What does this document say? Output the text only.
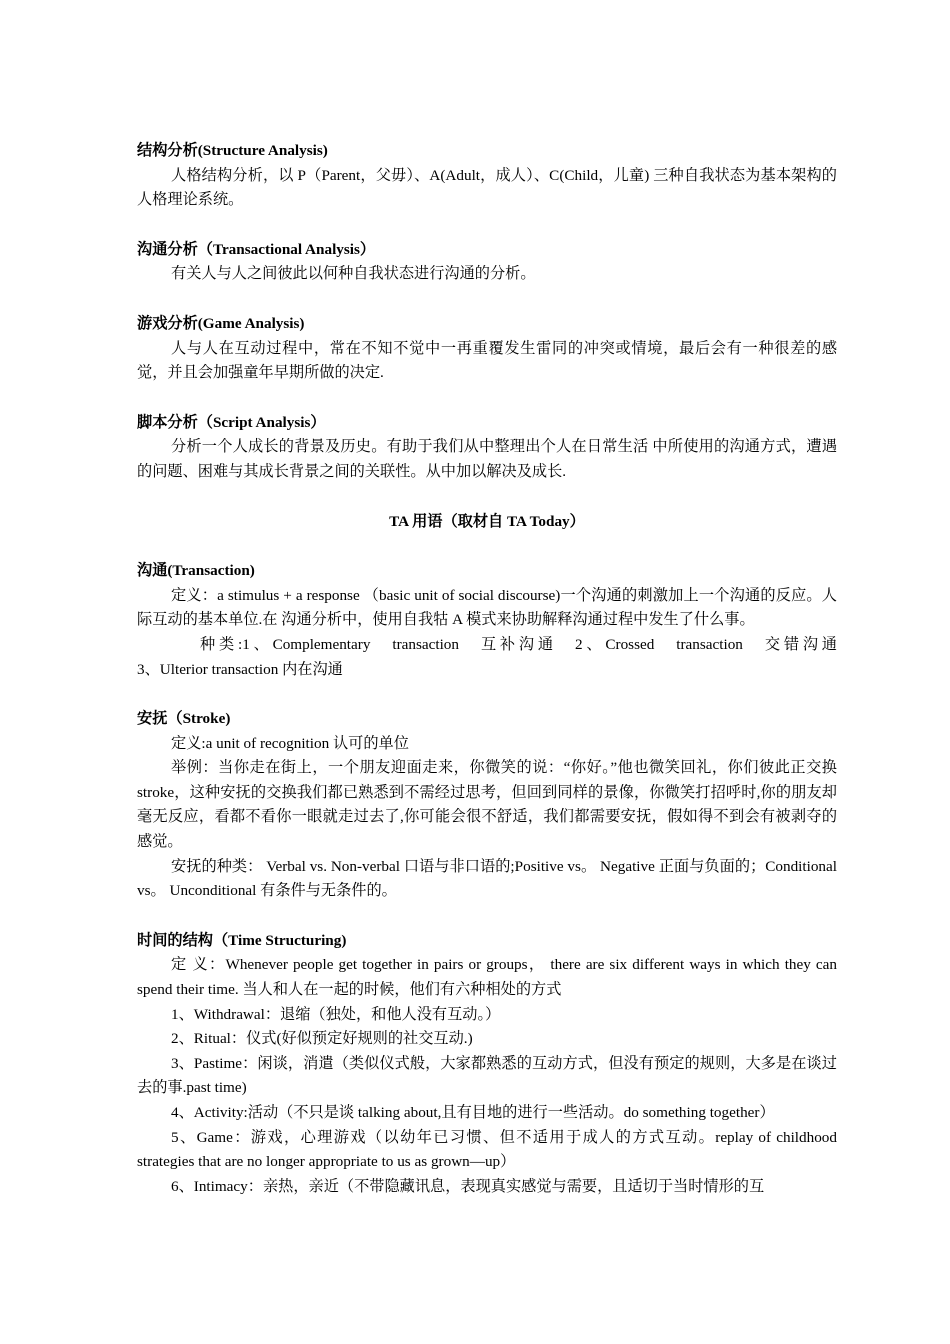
结构分析(Structure Analysis)
人格结构分析，以 P（Parent，父毋）、A(Adult，成人）、C(Child，儿童) 三种自我状态为基本架构的人格理论系统。
沟通分析（Transactional Analysis）
有关人与人之间彼此以何种自我状态进行沟通的分析。
游戏分析(Game Analysis)
人与人在互动过程中，常在不知不觉中一再重覆发生雷同的冲突或情境，最后会有一种很差的感觉，并且会加强童年早期所做的决定.
脚本分析（Script Analysis）
分析一个人成长的背景及历史。有助于我们从中整理出个人在日常生活 中所使用的沟通方式，遭遇的问题、困难与其成长背景之间的关联性。从中加以解决及成长.
TA 用语（取材自 TA Today）
沟通(Transaction)
定义：a stimulus + a response （basic unit of social discourse)一个沟通的刺激加上一个沟通的反应。人际互动的基本单位.在 沟通分析中，使用自我牯 A 模式来协助解释沟通过程中发生了什么事。
种 类 :1 、 Complementary transaction 互 补 沟 通 2 、 Crossed transaction 交 错 沟 通
3、Ulterior transaction 内在沟通
安抚（Stroke)
定义:a unit of recognition 认可的单位
举例：当你走在街上，一个朋友迎面走来，你微笑的说：“你好。”他也微笑回礼，你们彼此正交换 stroke，这种安抚的交换我们都已熟悉到不需经过思考，但回到同样的景像，你微笑打招呼时,你的朋友却毫无反应，看都不看你一眼就走过去了,你可能会很不舒适，我们都需要安抚，假如得不到会有被剥夺的感觉。
安抚的种类： Verbal vs. Non-verbal 口语与非口语的;Positive vs。 Negative 正面与负面的；Conditional vs。 Unconditional 有条件与无条件的。
时间的结构（Time Structuring)
定 义：Whenever people get together in pairs or groups， there are six different ways in which they can spend their time. 当人和人在一起的时候，他们有六种相处的方式
1、Withdrawal：退缩（独处，和他人没有互动。）
2、Ritual：仪式(好似预定好规则的社交互动.)
3、Pastime：闲谈，消遣（类似仪式般，大家都熟悉的互动方式，但没有预定的规则，大多是在谈过去的事.past time)
4、Activity:活动（不只是谈 talking about,且有目地的进行一些活动。do something together）
5、Game：游戏，心理游戏（以幼年已习惯、但不适用于成人的方式互动。replay of childhood strategies that are no longer appropriate to us as grown—up）
6、Intimacy：亲热，亲近（不带隐藏讯息，表现真实感觉与需要，且适切于当时情形的互
